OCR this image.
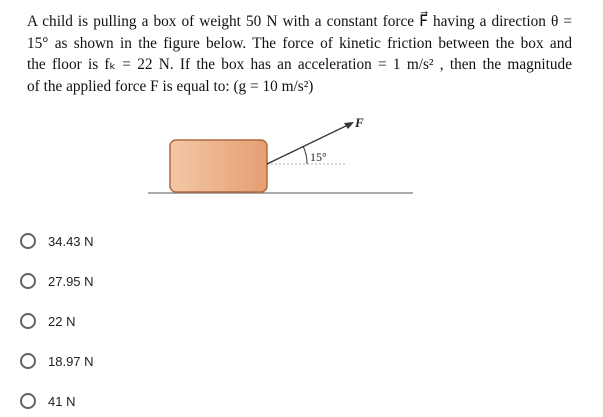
A child is pulling a box of weight 50 N with a constant force F⃗ having a direction θ =
15° as shown in the figure below. The force of kinetic friction between the box and
the floor is fₖ = 22 N. If the box has an acceleration = 1 m/s² , then the magnitude
of the applied force F is equal to: (g = 10 m/s²)
F
15°
34.43 N
27.95 N
22 N
18.97 N
41 N
